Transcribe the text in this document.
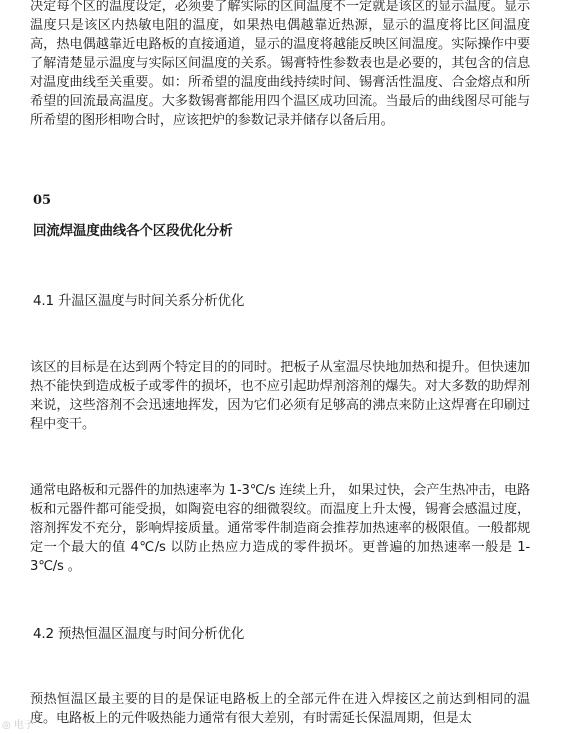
决定每个区的温度设定，必须要了解实际的区间温度不一定就是该区的显示温度。显示温度只是该区内热敏电阻的温度，如果热电偶越靠近热源，显示的温度将比区间温度高，热电偶越靠近电路板的直接通道，显示的温度将越能反映区间温度。实际操作中要了解清楚显示温度与实际区间温度的关系。锡膏特性参数表也是必要的，其包含的信息对温度曲线至关重要。如：所希望的温度曲线持续时间、锡膏活性温度、合金熔点和所希望的回流最高温度。大多数锡膏都能用四个温区成功回流。当最后的曲线图尽可能与所希望的图形相吻合时，应该把炉的参数记录并储存以备后用。

05
回流焊温度曲线各个区段优化分析
4.1 升温区温度与时间关系分析优化

该区的目标是在达到两个特定目的的同时。把板子从室温尽快地加热和提升。但快速加热不能快到造成板子或零件的损坏，也不应引起助焊剂溶剂的爆失。对大多数的助焊剂来说，这些溶剂不会迅速地挥发，因为它们必须有足够高的沸点来防止这焊膏在印刷过程中变干。

通常电路板和元器件的加热速率为 1-3℃/s 连续上升， 如果过快，会产生热冲击，电路板和元器件都可能受损，如陶瓷电容的细微裂纹。而温度上升太慢，锡膏会感温过度，溶剂挥发不充分，影响焊接质量。通常零件制造商会推荐加热速率的极限值。一般都规定一个最大的值 4℃/s 以防止热应力造成的零件损坏。更普遍的加热速率一般是 1-3℃/s 。

4.2 预热恒温区温度与时间分析优化

预热恒温区最主要的目的是保证电路板上的全部元件在进入焊接区之前达到相同的温度。电路板上的元件吸热能力通常有很大差别，有时需延长保温周期，但是太

◎ 电子
